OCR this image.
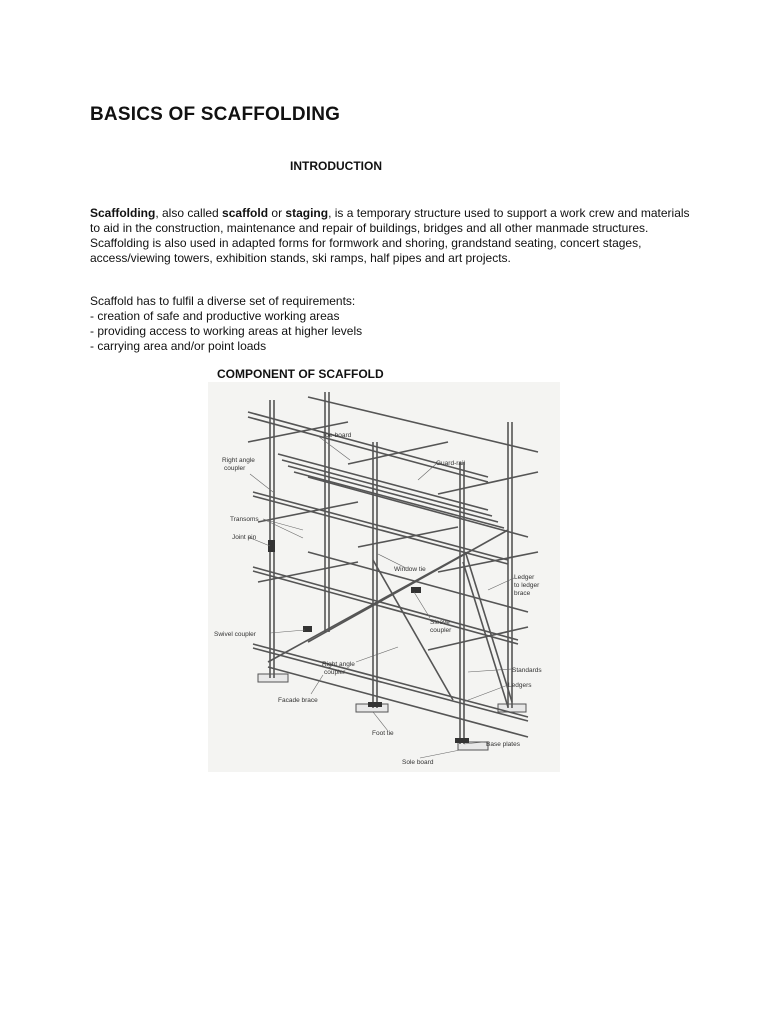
BASICS OF SCAFFOLDING
INTRODUCTION

Scaffolding, also called scaffold or staging, is a temporary structure used to support a work crew and materials to aid in the construction, maintenance and repair of buildings, bridges and all other manmade structures. Scaffolding is also used in adapted forms for formwork and shoring, grandstand seating, concert stages, access/viewing towers, exhibition stands, ski ramps, half pipes and art projects.

Scaffold has to fulfil a diverse set of requirements:
- creation of safe and productive working areas
- providing access to working areas at higher levels
- carrying area and/or point loads
COMPONENT OF SCAFFOLD
Toe-board
Right angle
coupler
Guard-rail
Transoms
Joint pin
Window tie
Ledger
to ledger
brace
Swivel coupler
Sleeve
coupler
Right angle
coupler	Standards
Ledgers
Facade brace
Foot tie
Base plates
Sole board
